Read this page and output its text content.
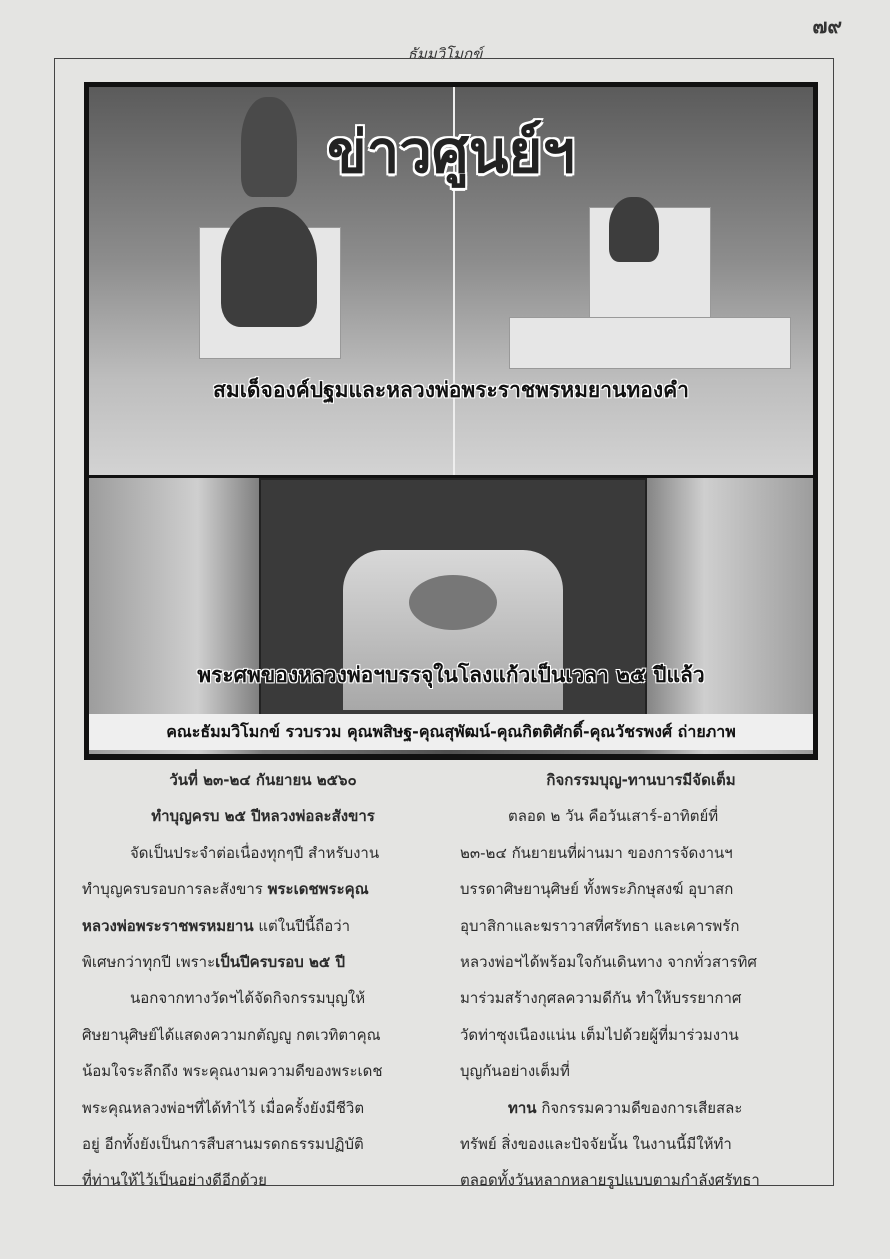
๗๙
ธัมมวิโมกข์
ข่าวศูนย์ฯ
สมเด็จองค์ปฐมและหลวงพ่อพระราชพรหมยานทองคำ
พระศพของหลวงพ่อฯบรรจุในโลงแก้วเป็นเวลา ๒๕ ปีแล้ว
คณะธัมมวิโมกข์ รวบรวม คุณพสิษฐ-คุณสุพัฒน์-คุณกิตติศักดิ์-คุณวัชรพงศ์ ถ่ายภาพ

วันที่ ๒๓-๒๔ กันยายน ๒๕๖๐

ทำบุญครบ ๒๕ ปีหลวงพ่อละสังขาร

จัดเป็นประจำต่อเนื่องทุกๆปี สำหรับงาน

ทำบุญครบรอบการละสังขาร พระเดชพระคุณ

หลวงพ่อพระราชพรหมยาน แต่ในปีนี้ถือว่า

พิเศษกว่าทุกปี เพราะเป็นปีครบรอบ ๒๕ ปี

นอกจากทางวัดฯได้จัดกิจกรรมบุญให้

ศิษยานุศิษย์ได้แสดงความกตัญญู กตเวทิตาคุณ

น้อมใจระลึกถึง พระคุณงามความดีของพระเดช

พระคุณหลวงพ่อฯที่ได้ทำไว้ เมื่อครั้งยังมีชีวิต

อยู่ อีกทั้งยังเป็นการสืบสานมรดกธรรมปฏิบัติ

ที่ท่านให้ไว้เป็นอย่างดีอีกด้วย

กิจกรรมบุญ-ทานบารมีจัดเต็ม

ตลอด ๒ วัน คือวันเสาร์-อาทิตย์ที่

๒๓-๒๔ กันยายนที่ผ่านมา ของการจัดงานฯ

บรรดาศิษยานุศิษย์ ทั้งพระภิกษุสงฆ์ อุบาสก

อุบาสิกาและฆราวาสที่ศรัทธา และเคารพรัก

หลวงพ่อฯได้พร้อมใจกันเดินทาง จากทั่วสารทิศ

มาร่วมสร้างกุศลความดีกัน ทำให้บรรยากาศ

วัดท่าซุงเนืองแน่น เต็มไปด้วยผู้ที่มาร่วมงาน

บุญกันอย่างเต็มที่

ทาน กิจกรรมความดีของการเสียสละ

ทรัพย์ สิ่งของและปัจจัยนั้น ในงานนี้มีให้ทำ

ตลอดทั้งวันหลากหลายรูปแบบตามกำลังศรัทธา
